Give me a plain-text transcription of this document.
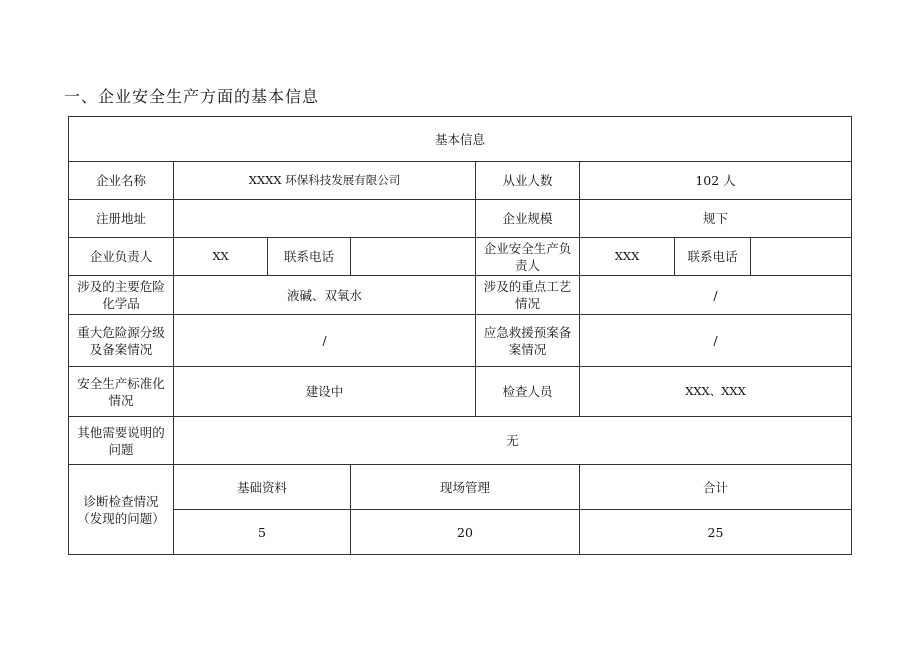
一、企业安全生产方面的基本信息
基本信息							
企业名称	XXXX 环保科技发展有限公司			从业人数	102 人		
注册地址				企业规模	规下		
企业负责人	XX	联系电话		企业安全生产负责人	XXX	联系电话	
涉及的主要危险化学品	液碱、双氧水			涉及的重点工艺情况	/		
重大危险源分级及备案情况	/			应急救援预案备案情况	/		
安全生产标准化情况	建设中			检查人员	XXX、XXX		
其他需要说明的问题	无						
诊断检查情况（发现的问题）	基础资料		现场管理		合计		
	5		20		25		
